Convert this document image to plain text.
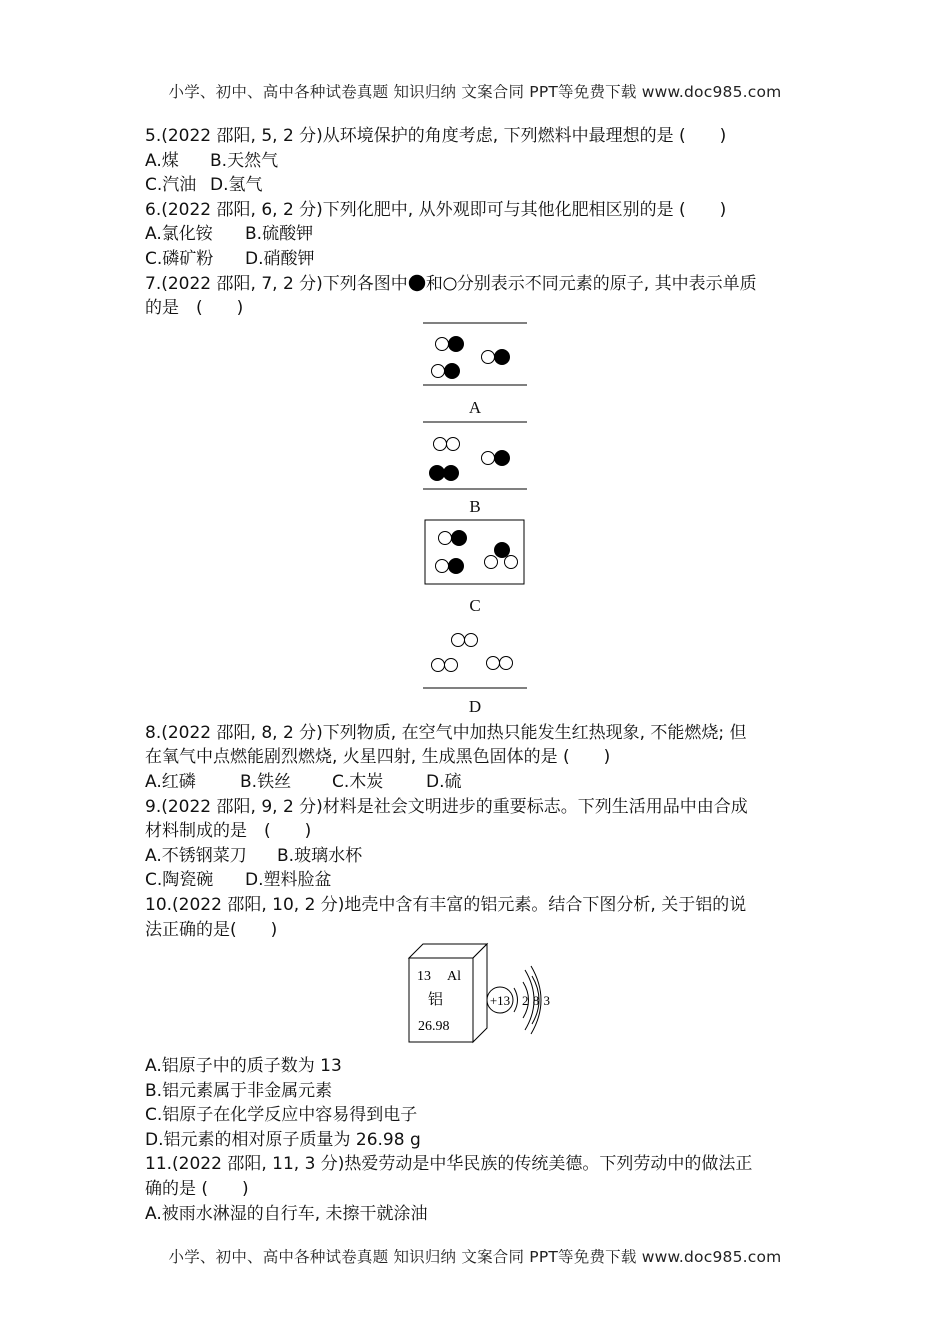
小学、初中、高中各种试卷真题 知识归纳 文案合同 PPT等免费下载 www.doc985.com
5.(2022 邵阳, 5, 2 分)从环境保护的角度考虑, 下列燃料中最理想的是 (　　)
A.煤 B.天然气
C.汽油 D.氢气
6.(2022 邵阳, 6, 2 分)下列化肥中, 从外观即可与其他化肥相区别的是 (　　)
A.氯化铵 B.硫酸钾
C.磷矿粉 D.硝酸钾
7.(2022 邵阳, 7, 2 分)下列各图中 和 分别表示不同元素的原子, 其中表示单质
的是　(　　)
A
B
C
D
8.(2022 邵阳, 8, 2 分)下列物质, 在空气中加热只能发生红热现象, 不能燃烧; 但
在氧气中点燃能剧烈燃烧, 火星四射, 生成黑色固体的是 (　　)
A.红磷	B.铁丝 C.木炭	D.硫
9.(2022 邵阳, 9, 2 分)材料是社会文明进步的重要标志。下列生活用品中由合成
材料制成的是　(　　)
A.不锈钢菜刀 B.玻璃水杯
C.陶瓷碗 D.塑料脸盆
10.(2022 邵阳, 10, 2 分)地壳中含有丰富的铝元素。结合下图分析, 关于铝的说
法正确的是(　　)
13 Al
铝
26.98
+13 2 8 3
A.铝原子中的质子数为 13
B.铝元素属于非金属元素
C.铝原子在化学反应中容易得到电子
D.铝元素的相对原子质量为 26.98 g
11.(2022 邵阳, 11, 3 分)热爱劳动是中华民族的传统美德。下列劳动中的做法正
确的是 (　　)
A.被雨水淋湿的自行车, 未擦干就涂油
小学、初中、高中各种试卷真题 知识归纳 文案合同 PPT等免费下载 www.doc985.com
